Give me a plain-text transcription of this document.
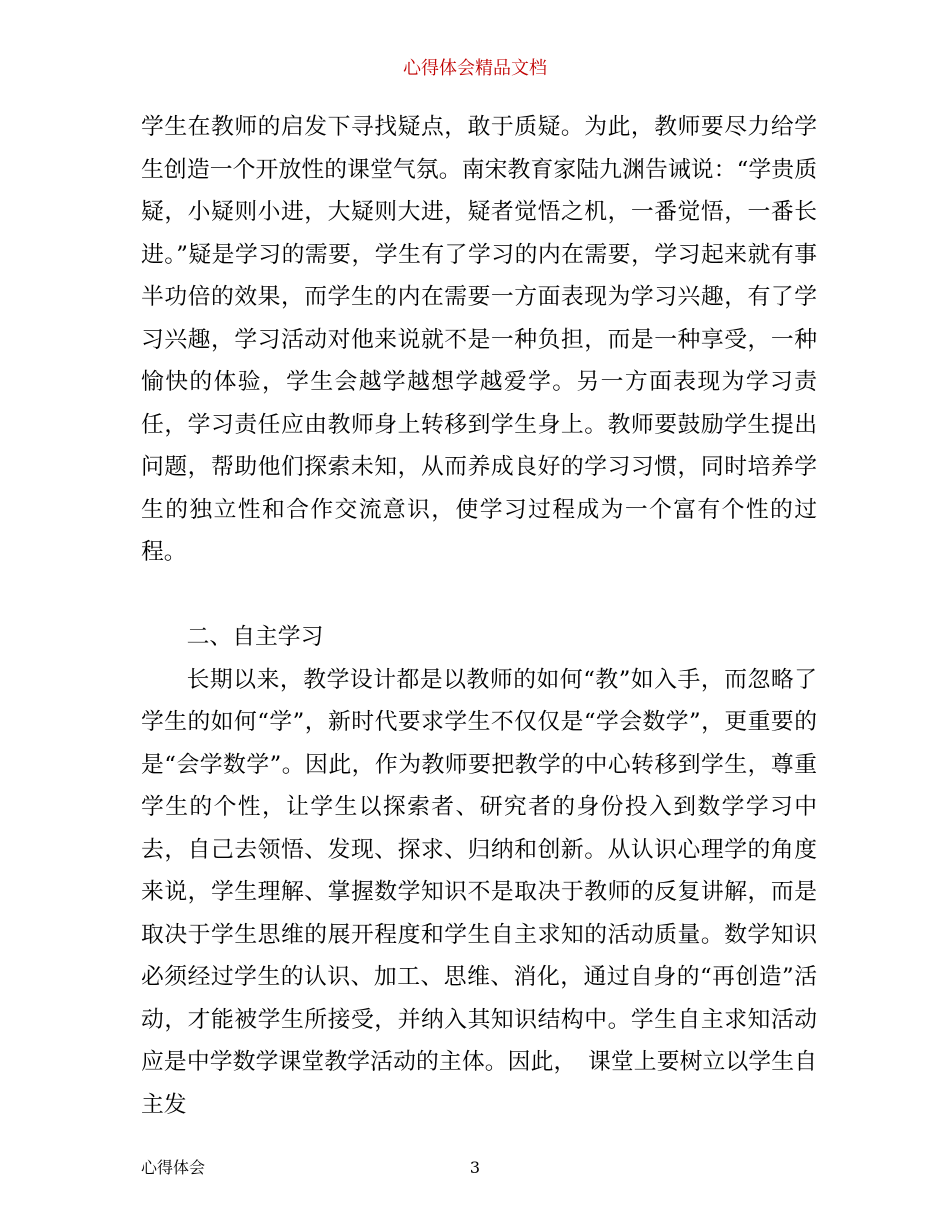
心得体会精品文档

学生在教师的启发下寻找疑点，敢于质疑。为此，教师要尽力给学生创造一个开放性的课堂气氛。南宋教育家陆九渊告诫说：“学贵质疑，小疑则小进，大疑则大进，疑者觉悟之机，一番觉悟，一番长进。”疑是学习的需要，学生有了学习的内在需要，学习起来就有事半功倍的效果，而学生的内在需要一方面表现为学习兴趣，有了学习兴趣，学习活动对他来说就不是一种负担，而是一种享受，一种愉快的体验，学生会越学越想学越爱学。另一方面表现为学习责任，学习责任应由教师身上转移到学生身上。教师要鼓励学生提出问题，帮助他们探索未知，从而养成良好的学习习惯，同时培养学生的独立性和合作交流意识，使学习过程成为一个富有个性的过程。

二、自主学习

长期以来，教学设计都是以教师的如何“教”如入手，而忽略了学生的如何“学”，新时代要求学生不仅仅是“学会数学”，更重要的是“会学数学”。因此，作为教师要把教学的中心转移到学生，尊重学生的个性，让学生以探索者、研究者的身份投入到数学学习中去，自己去领悟、发现、探求、归纳和创新。从认识心理学的角度来说，学生理解、掌握数学知识不是取决于教师的反复讲解，而是取决于学生思维的展开程度和学生自主求知的活动质量。数学知识必须经过学生的认识、加工、思维、消化，通过自身的“再创造”活动，才能被学生所接受，并纳入其知识结构中。学生自主求知活动应是中学数学课堂教学活动的主体。因此，　课堂上要树立以学生自主发

心得体会	3
